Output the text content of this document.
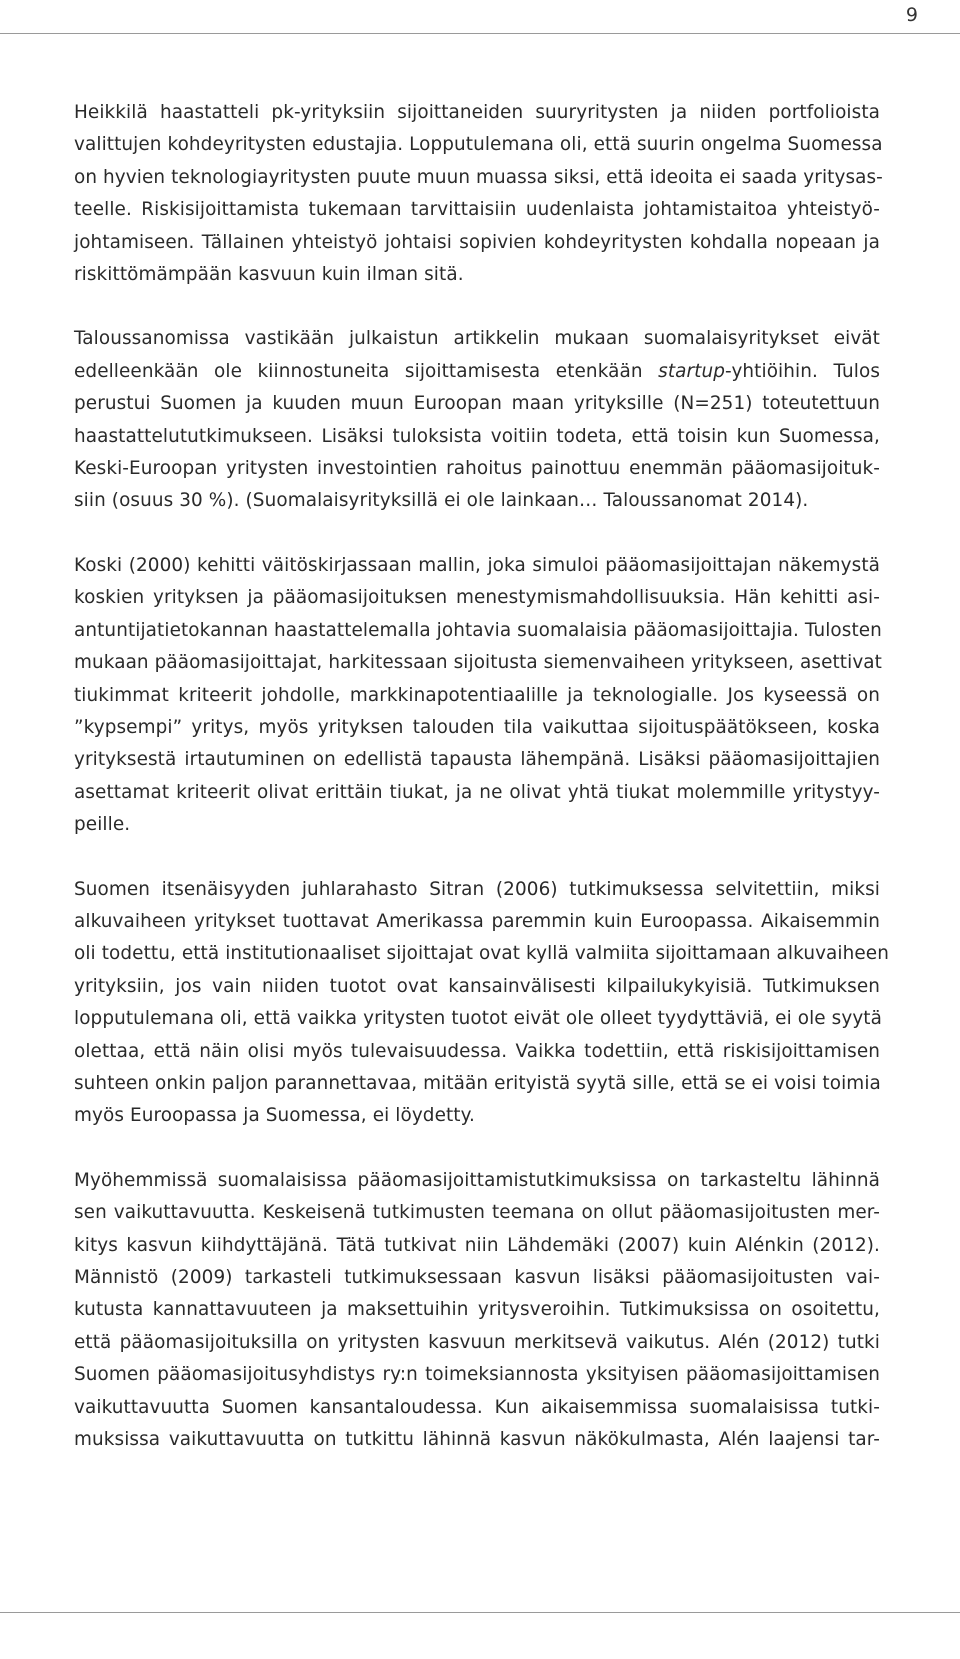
9

Heikkilä haastatteli pk-yrityksiin sijoittaneiden suuryritysten ja niiden portfolioista
valittujen kohdeyritysten edustajia. Lopputulemana oli, että suurin ongelma Suomessa
on hyvien teknologiayritysten puute muun muassa siksi, että ideoita ei saada yritysas-
teelle. Riskisijoittamista tukemaan tarvittaisiin uudenlaista johtamistaitoa yhteistyö-
johtamiseen. Tällainen yhteistyö johtaisi sopivien kohdeyritysten kohdalla nopeaan ja
riskittömämpään kasvuun kuin ilman sitä.

Taloussanomissa vastikään julkaistun artikkelin mukaan suomalaisyritykset eivät
edelleenkään ole kiinnostuneita sijoittamisesta etenkään startup-yhtiöihin. Tulos
perustui Suomen ja kuuden muun Euroopan maan yrityksille (N=251) toteutettuun
haastattelututkimukseen. Lisäksi tuloksista voitiin todeta, että toisin kun Suomessa,
Keski-Euroopan yritysten investointien rahoitus painottuu enemmän pääomasijoituk-
siin (osuus 30 %). (Suomalaisyrityksillä ei ole lainkaan… Taloussanomat 2014).

Koski (2000) kehitti väitöskirjassaan mallin, joka simuloi pääomasijoittajan näkemystä
koskien yrityksen ja pääomasijoituksen menestymismahdollisuuksia. Hän kehitti asi-
antuntijatietokannan haastattelemalla johtavia suomalaisia pääomasijoittajia. Tulosten
mukaan pääomasijoittajat, harkitessaan sijoitusta siemenvaiheen yritykseen, asettivat
tiukimmat kriteerit johdolle, markkinapotentiaalille ja teknologialle. Jos kyseessä on
”kypsempi” yritys, myös yrityksen talouden tila vaikuttaa sijoituspäätökseen, koska
yrityksestä irtautuminen on edellistä tapausta lähempänä. Lisäksi pääomasijoittajien
asettamat kriteerit olivat erittäin tiukat, ja ne olivat yhtä tiukat molemmille yritystyy-
peille.

Suomen itsenäisyyden juhlarahasto Sitran (2006) tutkimuksessa selvitettiin, miksi
alkuvaiheen yritykset tuottavat Amerikassa paremmin kuin Euroopassa. Aikaisemmin
oli todettu, että institutionaaliset sijoittajat ovat kyllä valmiita sijoittamaan alkuvaiheen
yrityksiin, jos vain niiden tuotot ovat kansainvälisesti kilpailukykyisiä. Tutkimuksen
lopputulemana oli, että vaikka yritysten tuotot eivät ole olleet tyydyttäviä, ei ole syytä
olettaa, että näin olisi myös tulevaisuudessa. Vaikka todettiin, että riskisijoittamisen
suhteen onkin paljon parannettavaa, mitään erityistä syytä sille, että se ei voisi toimia
myös Euroopassa ja Suomessa, ei löydetty.

Myöhemmissä suomalaisissa pääomasijoittamistutkimuksissa on tarkasteltu lähinnä
sen vaikuttavuutta. Keskeisenä tutkimusten teemana on ollut pääomasijoitusten mer-
kitys kasvun kiihdyttäjänä. Tätä tutkivat niin Lähdemäki (2007) kuin Alénkin (2012).
Männistö (2009) tarkasteli tutkimuksessaan kasvun lisäksi pääomasijoitusten vai-
kutusta kannattavuuteen ja maksettuihin yritysveroihin. Tutkimuksissa on osoitettu,
että pääomasijoituksilla on yritysten kasvuun merkitsevä vaikutus. Alén (2012) tutki
Suomen pääomasijoitusyhdistys ry:n toimeksiannosta yksityisen pääomasijoittamisen
vaikuttavuutta Suomen kansantaloudessa. Kun aikaisemmissa suomalaisissa tutki-
muksissa vaikuttavuutta on tutkittu lähinnä kasvun näkökulmasta, Alén laajensi tar-
